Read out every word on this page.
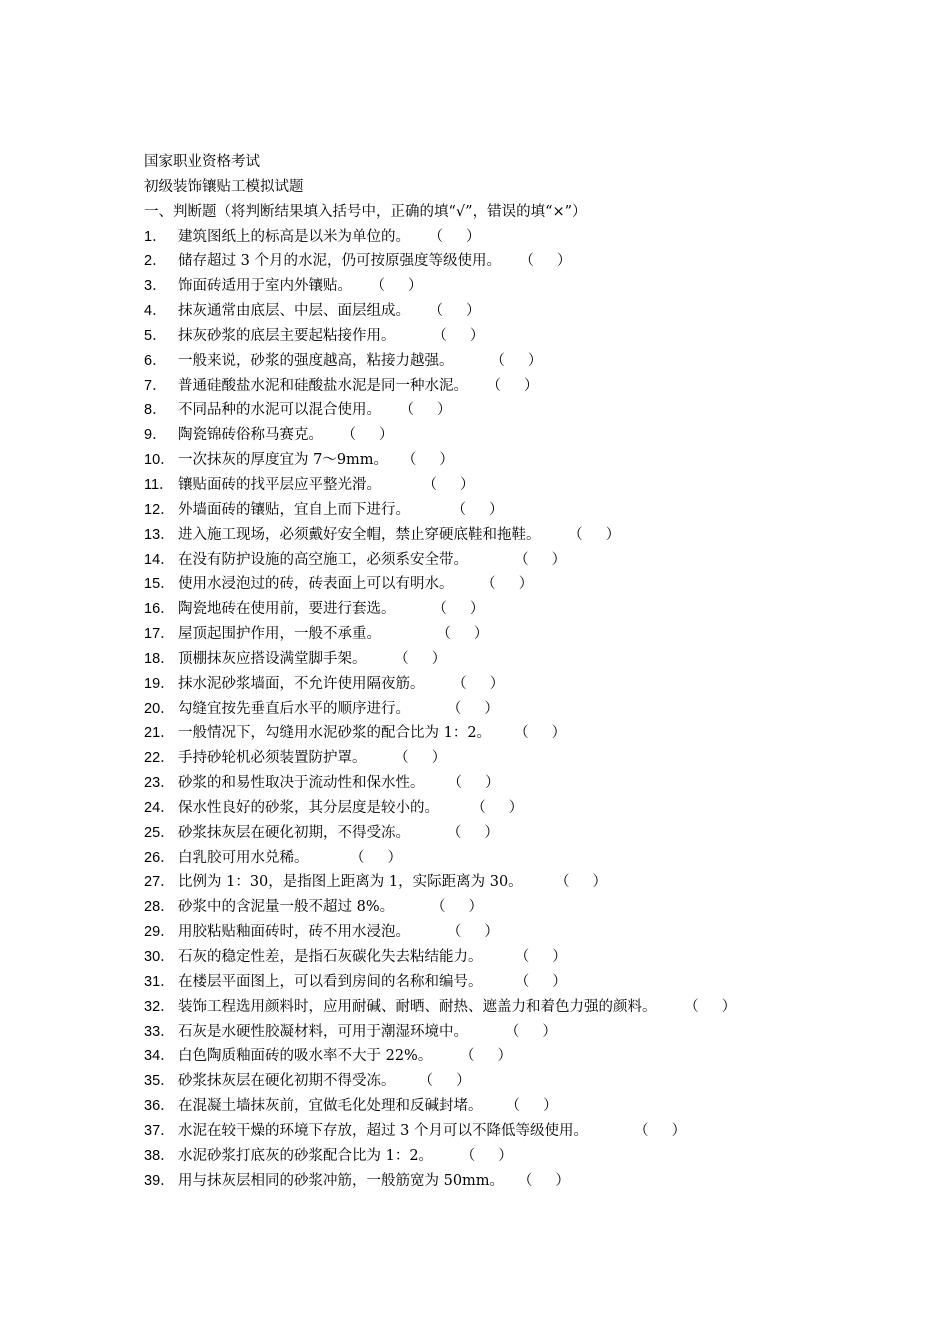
国家职业资格考试
初级装饰镶贴工模拟试题
一、判断题（将判断结果填入括号中，正确的填“√”，错误的填“×”）
1． 建筑图纸上的标高是以米为单位的。 （     ）
2． 储存超过 3 个月的水泥，仍可按原强度等级使用。 （     ）
3． 饰面砖适用于室内外镶贴。 （     ）
4． 抹灰通常由底层、中层、面层组成。 （     ）
5． 抹灰砂浆的底层主要起粘接作用。	（     ）
6． 一般来说，砂浆的强度越高，粘接力越强。	（     ）
7． 普通硅酸盐水泥和硅酸盐水泥是同一种水泥。 （     ）
8． 不同品种的水泥可以混合使用。 （     ）
9． 陶瓷锦砖俗称马赛克。 （     ）
10． 一次抹灰的厚度宜为 7～9mm。 （     ）
11． 镶贴面砖的找平层应平整光滑。	（     ）
12． 外墙面砖的镶贴，宜自上而下进行。	（     ）
13． 进入施工现场，必须戴好安全帽，禁止穿硬底鞋和拖鞋。 （     ）
14． 在没有防护设施的高空施工，必须系安全带。	（     ）
15． 使用水浸泡过的砖，砖表面上可以有明水。 （     ）
16． 陶瓷地砖在使用前，要进行套选。	（     ）
17． 屋顶起围护作用，一般不承重。	（     ）
18． 顶棚抹灰应搭设满堂脚手架。 （     ）
19． 抹水泥砂浆墙面，不允许使用隔夜筋。 （     ）
20． 勾缝宜按先垂直后水平的顺序进行。	（     ）
21． 一般情况下，勾缝用水泥砂浆的配合比为 1：2。 （     ）
22． 手持砂轮机必须装置防护罩。 （     ）
23． 砂浆的和易性取决于流动性和保水性。 （     ）
24． 保水性良好的砂浆，其分层度是较小的。 （     ）
25． 砂浆抹灰层在硬化初期，不得受冻。	（     ）
26． 白乳胶可用水兑稀。	（     ）
27． 比例为 1：30，是指图上距离为 1，实际距离为 30。 （     ）
28． 砂浆中的含泥量一般不超过 8%。	（     ）
29． 用胶粘贴釉面砖时，砖不用水浸泡。	（     ）
30． 石灰的稳定性差，是指石灰碳化失去粘结能力。 （     ）
31． 在楼层平面图上，可以看到房间的名称和编号。 （     ）
32． 装饰工程选用颜料时，应用耐碱、耐晒、耐热、遮盖力和着色力强的颜料。 （     ）
33． 石灰是水硬性胶凝材料，可用于潮湿环境中。	（     ）
34． 白色陶质釉面砖的吸水率不大于 22%。 （     ）
35． 砂浆抹灰层在硬化初期不得受冻。 （     ）
36． 在混凝土墙抹灰前，宜做毛化处理和反碱封堵。 （     ）
37． 水泥在较干燥的环境下存放，超过 3 个月可以不降低等级使用。	（     ）
38． 水泥砂浆打底灰的砂浆配合比为 1：2。 （     ）
39． 用与抹灰层相同的砂浆冲筋，一般筋宽为 50mm。 （     ）
